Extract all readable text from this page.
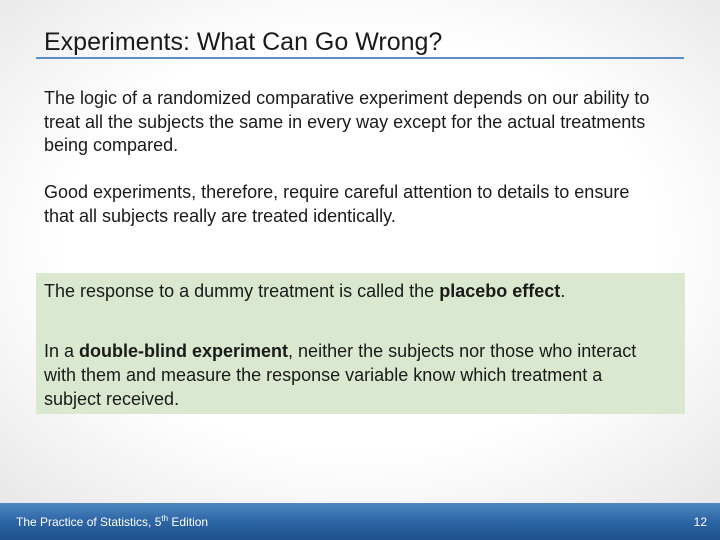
Experiments: What Can Go Wrong?

The logic of a randomized comparative experiment depends on our ability to treat all the subjects the same in every way except for the actual treatments being compared.

Good experiments, therefore, require careful attention to details to ensure that all subjects really are treated identically.

The response to a dummy treatment is called the placebo effect.

In a double-blind experiment, neither the subjects nor those who interact with them and measure the response variable know which treatment a subject received.

The Practice of Statistics, 5th Edition	12
